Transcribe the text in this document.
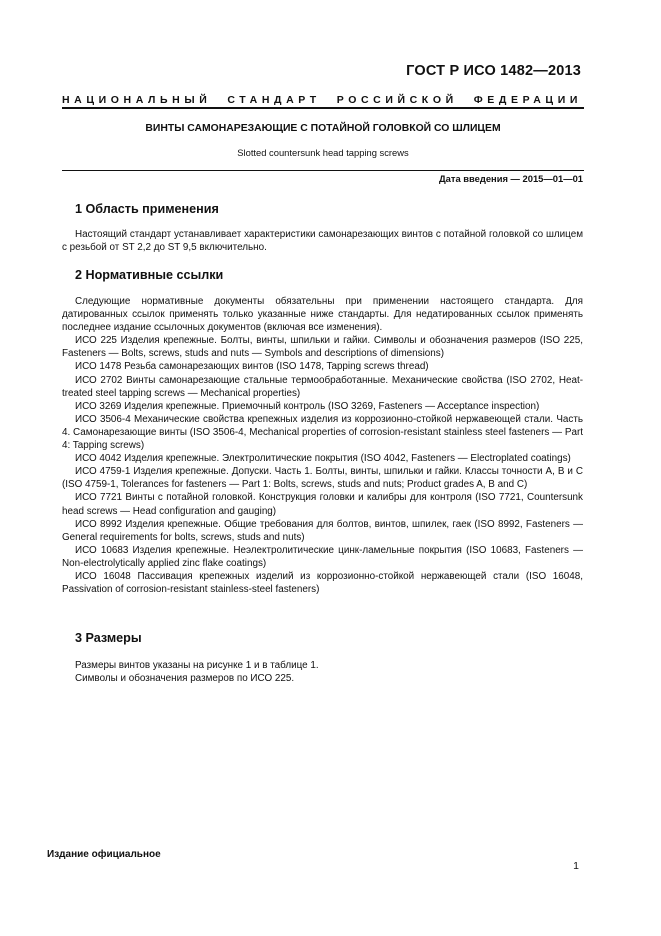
ГОСТ Р ИСО 1482—2013
НАЦИОНАЛЬНЫЙ СТАНДАРТ РОССИЙСКОЙ ФЕДЕРАЦИИ
ВИНТЫ САМОНАРЕЗАЮЩИЕ С ПОТАЙНОЙ ГОЛОВКОЙ СО ШЛИЦЕМ
Slotted countersunk head tapping screws
Дата введения — 2015—01—01
1 Область применения

Настоящий стандарт устанавливает характеристики самонарезающих винтов с потайной головкой со шлицем с резьбой от ST 2,2 до ST 9,5 включительно.

2 Нормативные ссылки

Следующие нормативные документы обязательны при применении настоящего стандарта. Для датированных ссылок применять только указанные ниже стандарты. Для недатированных ссылок применять последнее издание ссылочных документов (включая все изменения).

ИСО 225 Изделия крепежные. Болты, винты, шпильки и гайки. Символы и обозначения размеров (ISO 225, Fasteners — Bolts, screws, studs and nuts — Symbols and descriptions of dimensions)

ИСО 1478 Резьба самонарезающих винтов (ISO 1478, Tapping screws thread)

ИСО 2702 Винты самонарезающие стальные термообработанные. Механические свойства (ISO 2702, Heat-treated steel tapping screws — Mechanical properties)

ИСО 3269 Изделия крепежные. Приемочный контроль (ISO 3269, Fasteners — Acceptance inspection)

ИСО 3506-4 Механические свойства крепежных изделия из коррозионно-стойкой нержавеющей стали. Часть 4. Самонарезающие винты (ISO 3506-4, Mechanical properties of corrosion-resistant stainless steel fasteners — Part 4: Tapping screws)

ИСО 4042 Изделия крепежные. Электролитические покрытия (ISO 4042, Fasteners — Electroplated coatings)

ИСО 4759-1 Изделия крепежные. Допуски. Часть 1. Болты, винты, шпильки и гайки. Классы точности А, В и С (ISO 4759-1, Tolerances for fasteners — Part 1: Bolts, screws, studs and nuts; Product grades A, B and C)

ИСО 7721 Винты с потайной головкой. Конструкция головки и калибры для контроля (ISO 7721, Countersunk head screws — Head configuration and gauging)

ИСО 8992 Изделия крепежные. Общие требования для болтов, винтов, шпилек, гаек (ISO 8992, Fasteners — General requirements for bolts, screws, studs and nuts)

ИСО 10683 Изделия крепежные. Неэлектролитические цинк-ламельные покрытия (ISO 10683, Fasteners — Non-electrolytically applied zinc flake coatings)

ИСО 16048 Пассивация крепежных изделий из коррозионно-стойкой нержавеющей стали (ISO 16048, Passivation of corrosion-resistant stainless-steel fasteners)

3 Размеры

Размеры винтов указаны на рисунке 1 и в таблице 1.

Символы и обозначения размеров по ИСО 225.

Издание официальное
1
